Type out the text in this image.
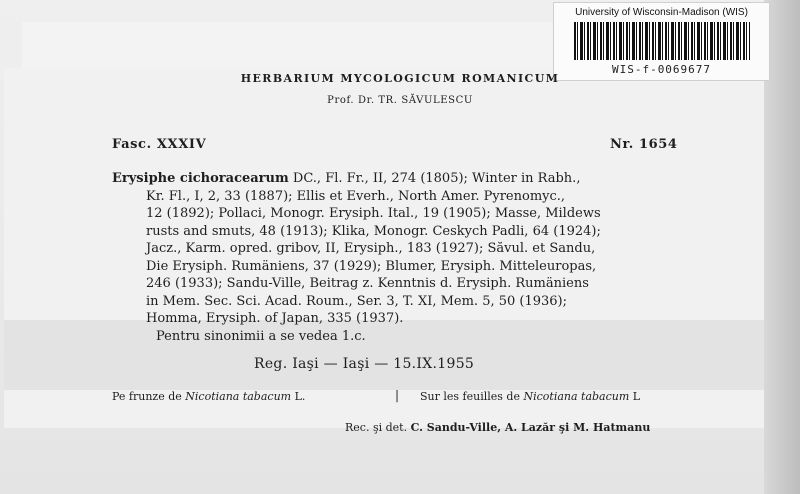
University of Wisconsin-Madison (WIS)
WIS-f-0069677
HERBARIUM MYCOLOGICUM ROMANICUM
Prof. Dr. TR. SĂVULESCU
Fasc. XXXIV	Nr. 1654
Erysiphe cichoracearum DC., Fl. Fr., II, 274 (1805); Winter in Rabh.,
Kr. Fl., I, 2, 33 (1887); Ellis et Everh., North Amer. Pyrenomyc.,
12 (1892); Pollaci, Monogr. Erysiph. Ital., 19 (1905); Masse, Mildews
rusts and smuts, 48 (1913); Klika, Monogr. Ceskych Padli, 64 (1924);
Jacz., Karm. opred. gribov, II, Erysiph., 183 (1927); Săvul. et Sandu,
Die Erysiph. Rumäniens, 37 (1929); Blumer, Erysiph. Mitteleuropas,
246 (1933); Sandu-Ville, Beitrag z. Kenntnis d. Erysiph. Rumäniens
in Mem. Sec. Sci. Acad. Roum., Ser. 3, T. XI, Mem. 5, 50 (1936);
Homma, Erysiph. of Japan, 335 (1937).
Pentru sinonimii a se vedea 1.c.
Reg. Iaşi — Iaşi — 15.IX.1955
Pe frunze de Nicotiana tabacum L.	| Sur les feuilles de Nicotiana tabacum L
Rec. şi det. C. Sandu-Ville, A. Lazăr şi M. Hatmanu
